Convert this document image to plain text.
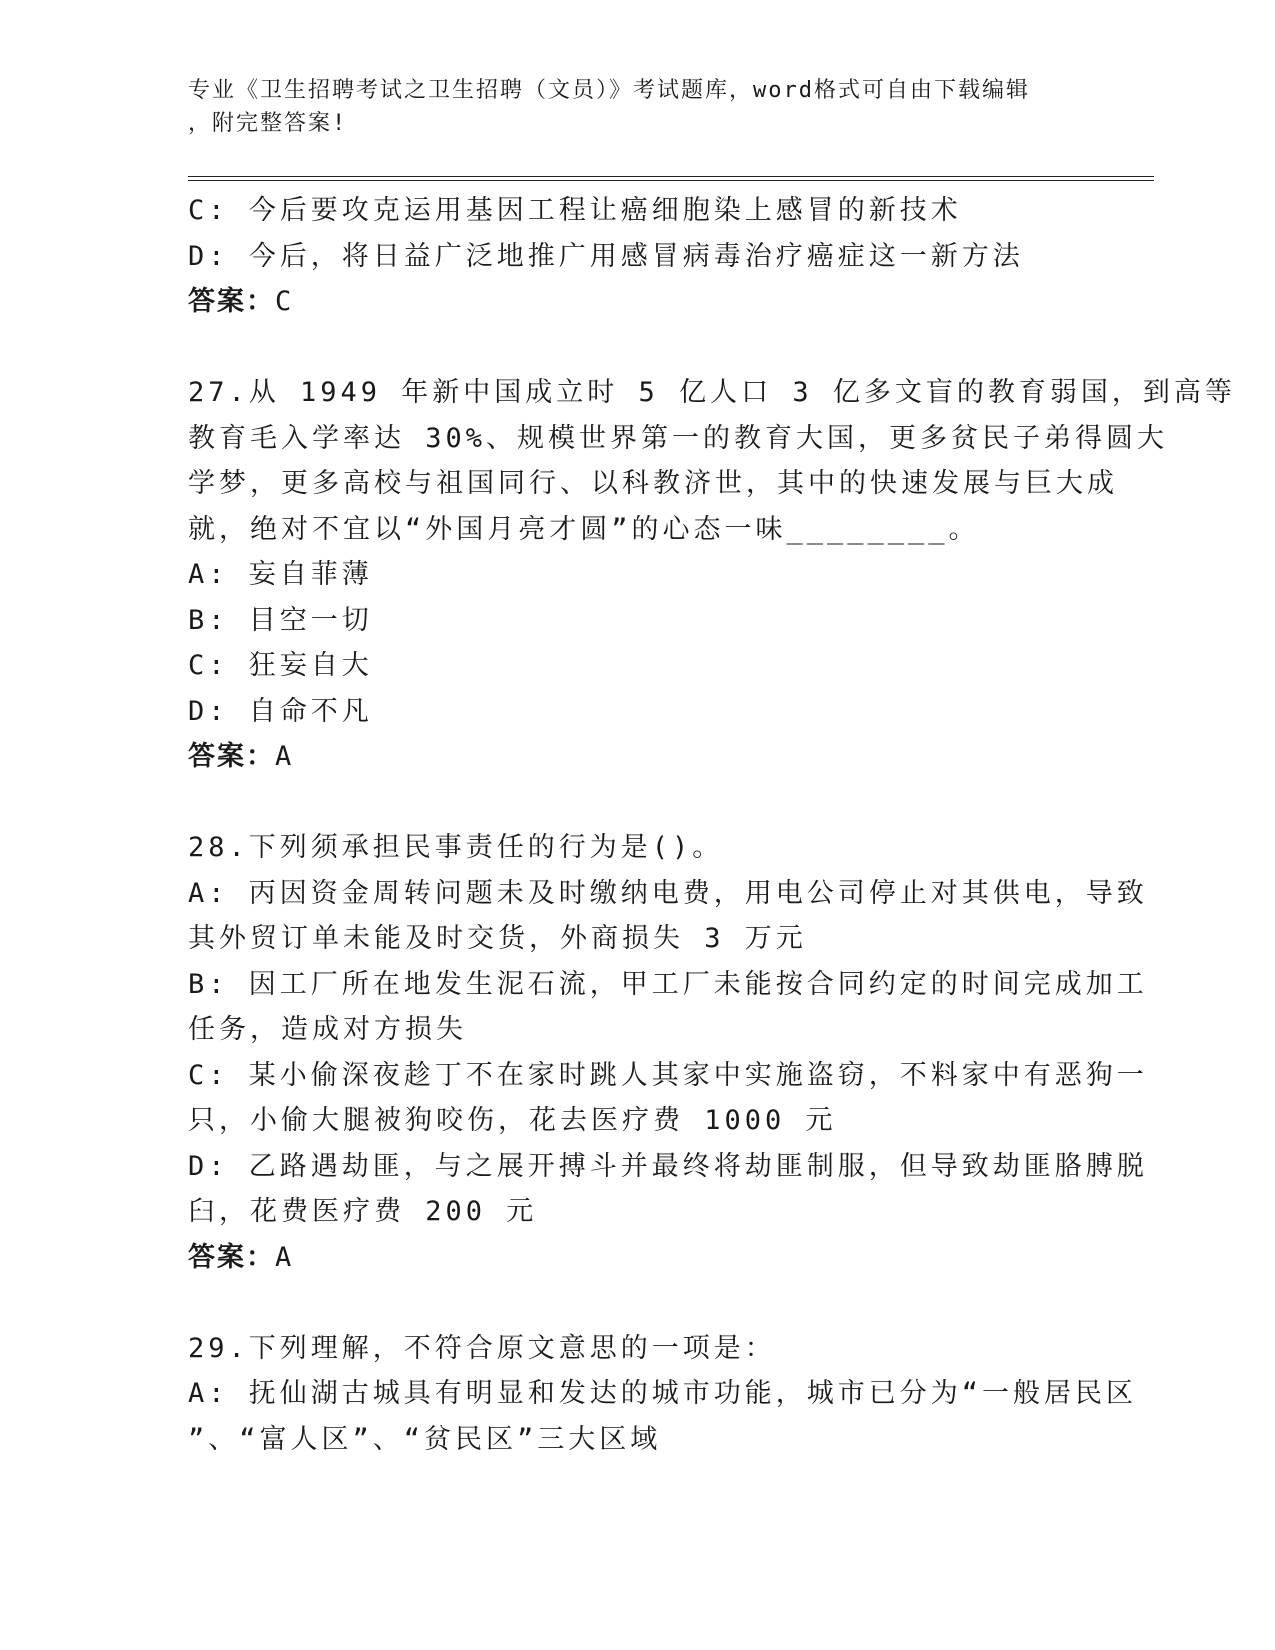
专业《卫生招聘考试之卫生招聘（文员）》考试题库，word格式可自由下载编辑
，附完整答案!
C: 今后要攻克运用基因工程让癌细胞染上感冒的新技术
D: 今后，将日益广泛地推广用感冒病毒治疗癌症这一新方法
答案：C
27.从 1949 年新中国成立时 5 亿人口 3 亿多文盲的教育弱国，到高等
教育毛入学率达 30%、规模世界第一的教育大国，更多贫民子弟得圆大
学梦，更多高校与祖国同行、以科教济世，其中的快速发展与巨大成
就，绝对不宜以“外国月亮才圆”的心态一味________。
A: 妄自菲薄
B: 目空一切
C: 狂妄自大
D: 自命不凡
答案：A
28.下列须承担民事责任的行为是()。
A: 丙因资金周转问题未及时缴纳电费，用电公司停止对其供电，导致
其外贸订单未能及时交货，外商损失 3 万元
B: 因工厂所在地发生泥石流，甲工厂未能按合同约定的时间完成加工
任务，造成对方损失
C: 某小偷深夜趁丁不在家时跳人其家中实施盗窃，不料家中有恶狗一
只，小偷大腿被狗咬伤，花去医疗费 1000 元
D: 乙路遇劫匪，与之展开搏斗并最终将劫匪制服，但导致劫匪胳膊脱
臼，花费医疗费 200 元
答案：A
29.下列理解，不符合原文意思的一项是：
A: 抚仙湖古城具有明显和发达的城市功能，城市已分为“一般居民区
”、“富人区”、“贫民区”三大区域
